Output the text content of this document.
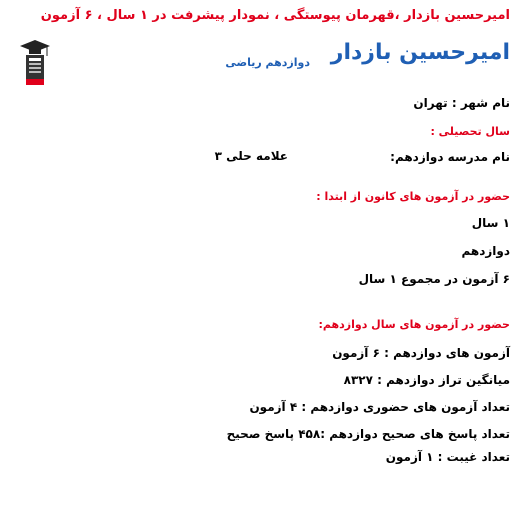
امیرحسین بازدار ،قهرمان پیوستگی ، نمودار پیشرفت در ۱ سال ، ۶ آزمون
امیرحسین بازدار
دوازدهم ریاضی
نام شهر : تهران
سال تحصیلی :
نام مدرسه دوازدهم:
علامه حلی ۳
حضور در آزمون های کانون از ابتدا :
۱ سال
دوازدهم
۶ آزمون در مجموع ۱ سال
حضور در آزمون های سال دوازدهم:
آزمون های دوازدهم : ۶ آزمون
میانگین تراز دوازدهم : ۸۳۲۷
تعداد آزمون های حضوری دوازدهم : ۴ آزمون
تعداد پاسخ های صحیح دوازدهم :۴۵۸ پاسخ صحیح
تعداد غیبت : ۱ آزمون
